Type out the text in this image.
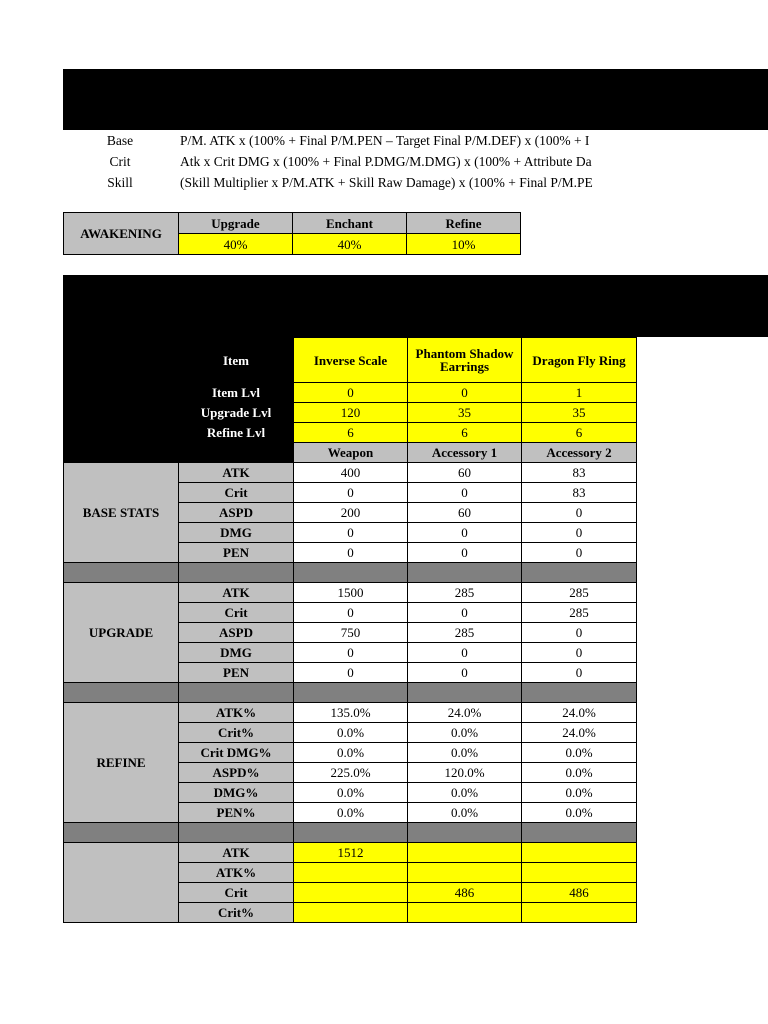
Base	P/M. ATK x (100% + Final P/M.PEN – Target Final P/M.DEF) x (100% + I
Crit	Atk x Crit DMG x (100% + Final P.DMG/M.DMG) x (100% + Attribute Da
Skill	(Skill Multiplier x P/M.ATK + Skill Raw Damage) x (100% + Final P/M.PE
AWAKENING	Upgrade	Enchant	Refine
	40%	40%	10%
	Item	Inverse Scale	Phantom Shadow Earrings	Dragon Fly Ring
	Item Lvl	0	0	1
	Upgrade Lvl	120	35	35
	Refine Lvl	6	6	6
		Weapon	Accessory 1	Accessory 2
BASE STATS	ATK	400	60	83
	Crit	0	0	83
	ASPD	200	60	0
	DMG	0	0	0
	PEN	0	0	0

UPGRADE	ATK	1500	285	285
	Crit	0	0	285
	ASPD	750	285	0
	DMG	0	0	0
	PEN	0	0	0

REFINE	ATK%	135.0%	24.0%	24.0%
	Crit%	0.0%	0.0%	24.0%
	Crit DMG%	0.0%	0.0%	0.0%
	ASPD%	225.0%	120.0%	0.0%
	DMG%	0.0%	0.0%	0.0%
	PEN%	0.0%	0.0%	0.0%

	ATK	1512		
	ATK%			
	Crit		486	486
	Crit%			
